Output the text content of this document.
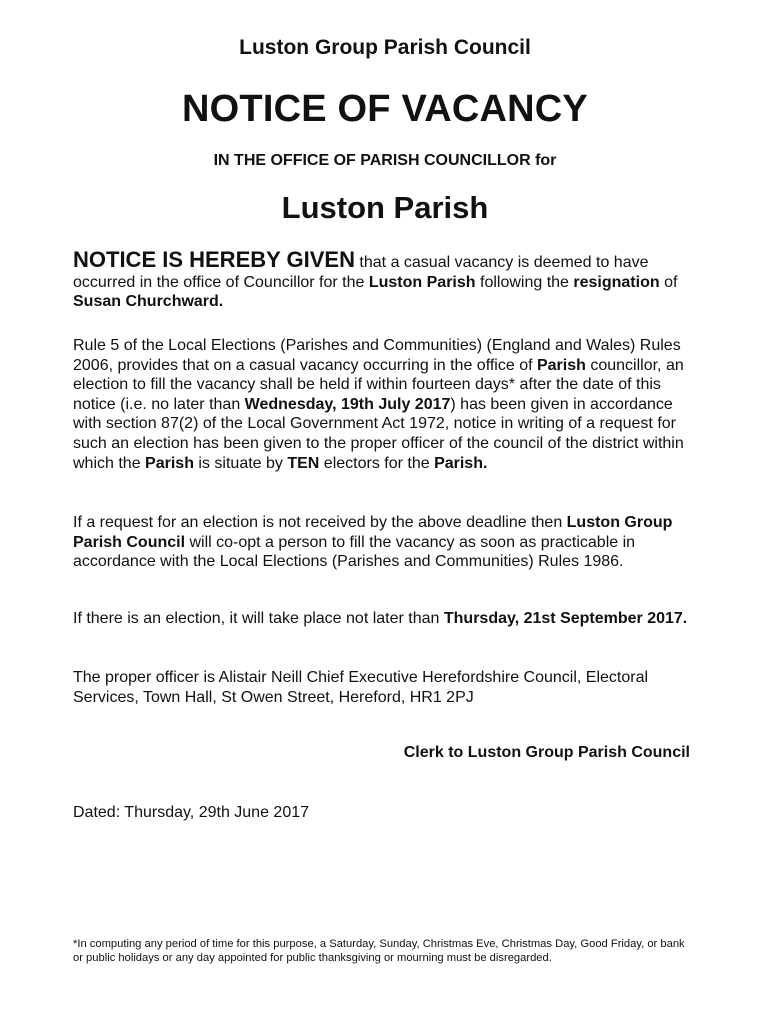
Luston Group Parish Council
NOTICE OF VACANCY
IN THE OFFICE OF PARISH COUNCILLOR for
Luston Parish
NOTICE IS HEREBY GIVEN that a casual vacancy is deemed to have occurred in the office of Councillor for the Luston Parish following the resignation of Susan Churchward.
Rule 5 of the Local Elections (Parishes and Communities) (England and Wales) Rules 2006, provides that on a casual vacancy occurring in the office of Parish councillor, an election to fill the vacancy shall be held if within fourteen days* after the date of this notice (i.e. no later than Wednesday, 19th July 2017) has been given in accordance with section 87(2) of the Local Government Act 1972, notice in writing of a request for such an election has been given to the proper officer of the council of the district within which the Parish is situate by TEN electors for the Parish.
If a request for an election is not received by the above deadline then Luston Group Parish Council will co-opt a person to fill the vacancy as soon as practicable in accordance with the Local Elections (Parishes and Communities) Rules 1986.
If there is an election, it will take place not later than Thursday, 21st September 2017.
The proper officer is Alistair Neill Chief Executive Herefordshire Council, Electoral Services, Town Hall, St Owen Street, Hereford, HR1 2PJ
Clerk to Luston Group Parish Council
Dated: Thursday, 29th June 2017
*In computing any period of time for this purpose, a Saturday, Sunday, Christmas Eve, Christmas Day, Good Friday, or bank or public holidays or any day appointed for public thanksgiving or mourning must be disregarded.
